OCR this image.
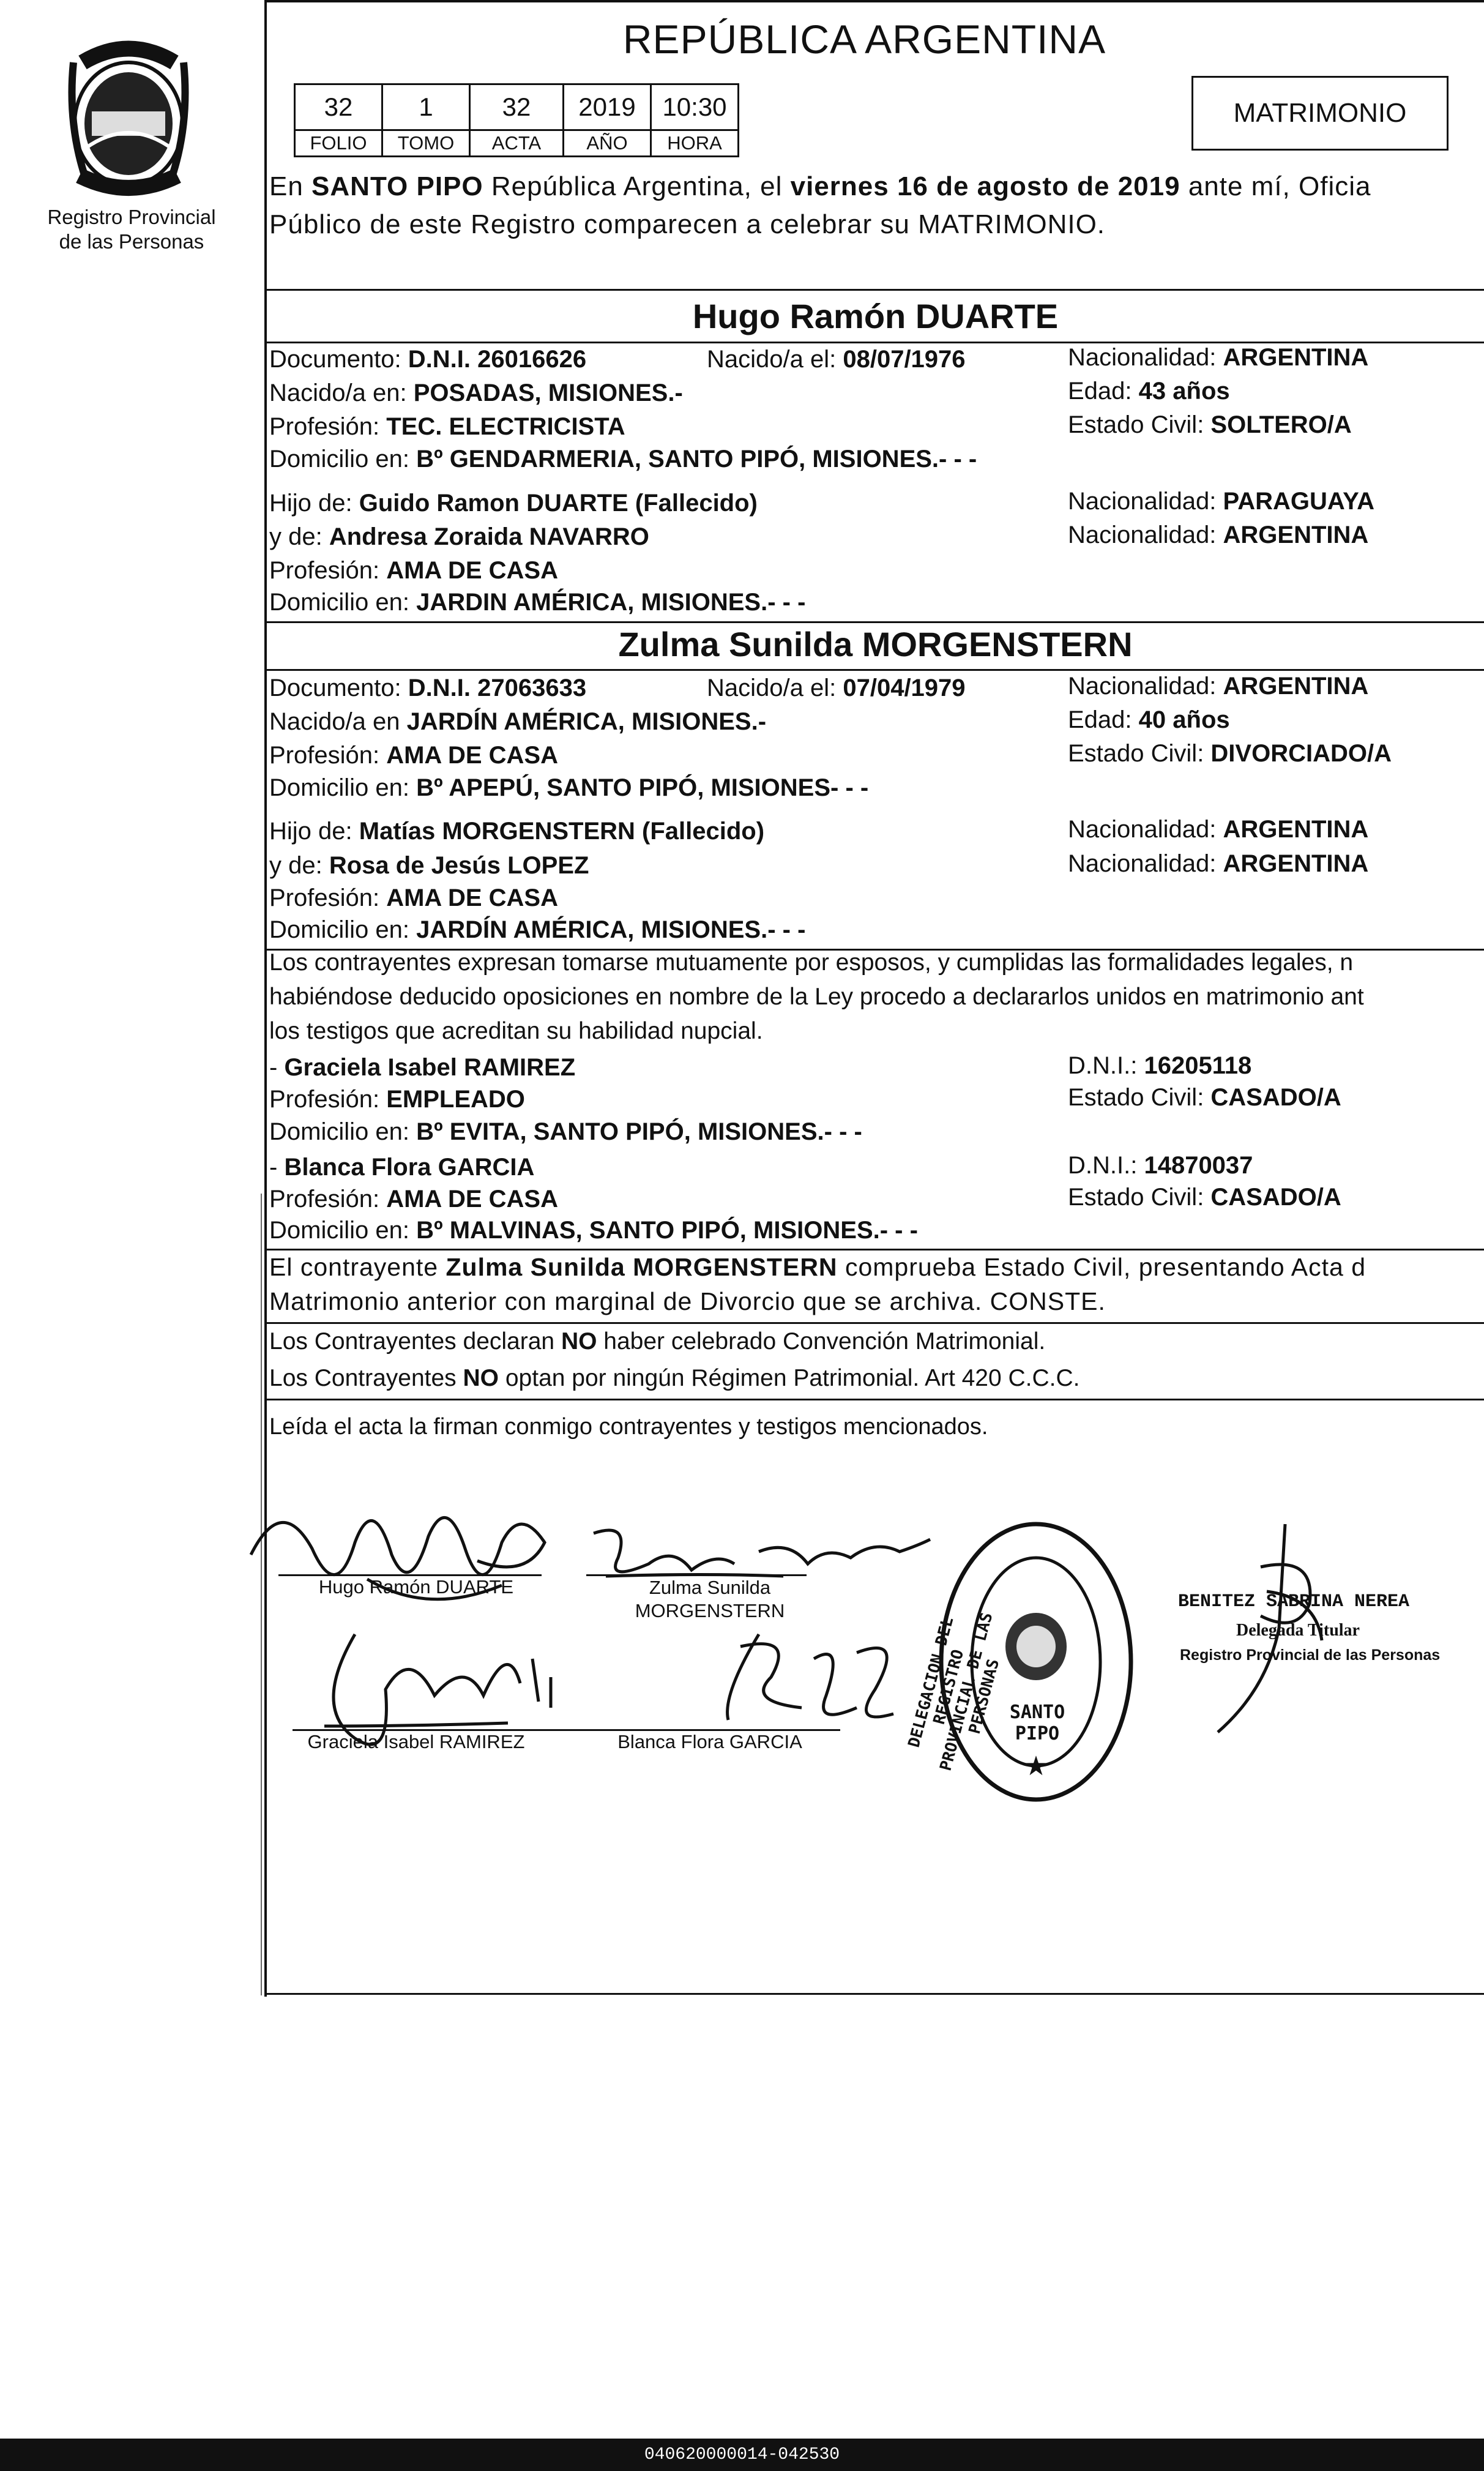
Registro Provincial
de las Personas
REPÚBLICA ARGENTINA
32	1	32	2019	10:30
FOLIO	TOMO	ACTA	AÑO	HORA
MATRIMONIO
En SANTO PIPO República Argentina, el viernes 16 de agosto de 2019 ante mí, Oficia
Público de este Registro comparecen a celebrar su MATRIMONIO.
Hugo Ramón DUARTE
Documento: D.N.I. 26016626	Nacido/a el: 08/07/1976	Nacionalidad: ARGENTINA
Nacido/a en: POSADAS, MISIONES.-	Edad: 43 años
Profesión: TEC. ELECTRICISTA	Estado Civil: SOLTERO/A
Domicilio en: Bº GENDARMERIA, SANTO PIPÓ, MISIONES.- - -
Hijo de: Guido Ramon DUARTE (Fallecido)	Nacionalidad: PARAGUAYA
y de: Andresa Zoraida NAVARRO	Nacionalidad: ARGENTINA
Profesión: AMA DE CASA
Domicilio en: JARDIN AMÉRICA, MISIONES.- - -
Zulma Sunilda MORGENSTERN
Documento: D.N.I. 27063633	Nacido/a el: 07/04/1979	Nacionalidad: ARGENTINA
Nacido/a en JARDÍN AMÉRICA, MISIONES.-	Edad: 40 años
Profesión: AMA DE CASA	Estado Civil: DIVORCIADO/A
Domicilio en: Bº APEPÚ, SANTO PIPÓ, MISIONES- - -
Hijo de: Matías MORGENSTERN (Fallecido)	Nacionalidad: ARGENTINA
y de: Rosa de Jesús LOPEZ	Nacionalidad: ARGENTINA
Profesión: AMA DE CASA
Domicilio en: JARDÍN AMÉRICA, MISIONES.- - -
Los contrayentes expresan tomarse mutuamente por esposos, y cumplidas las formalidades legales, n
habiéndose deducido oposiciones en nombre de la Ley procedo a declararlos unidos en matrimonio ant
los testigos que acreditan su habilidad nupcial.
- Graciela Isabel RAMIREZ	D.N.I.: 16205118
Profesión: EMPLEADO	Estado Civil: CASADO/A
Domicilio en: Bº EVITA, SANTO PIPÓ, MISIONES.- - -
- Blanca Flora GARCIA	D.N.I.: 14870037
Profesión: AMA DE CASA	Estado Civil: CASADO/A
Domicilio en: Bº MALVINAS, SANTO PIPÓ, MISIONES.- - -
El contrayente Zulma Sunilda MORGENSTERN comprueba Estado Civil, presentando Acta d
Matrimonio anterior con marginal de Divorcio que se archiva. CONSTE.
Los Contrayentes declaran NO haber celebrado Convención Matrimonial.
Los Contrayentes NO optan por ningún Régimen Patrimonial. Art 420 C.C.C.
Leída el acta la firman conmigo contrayentes y testigos mencionados.
Hugo Ramón DUARTE	Zulma Sunilda
MORGENSTERN
Graciela Isabel RAMIREZ	Blanca Flora GARCIA
★
DELEGACION DEL REGISTRO PROVINCIAL DE LAS PERSONAS SANTO PIPO
BENITEZ SABRINA NEREA
Delegada Titular
Registro Provincial de las Personas
040620000014-042530
